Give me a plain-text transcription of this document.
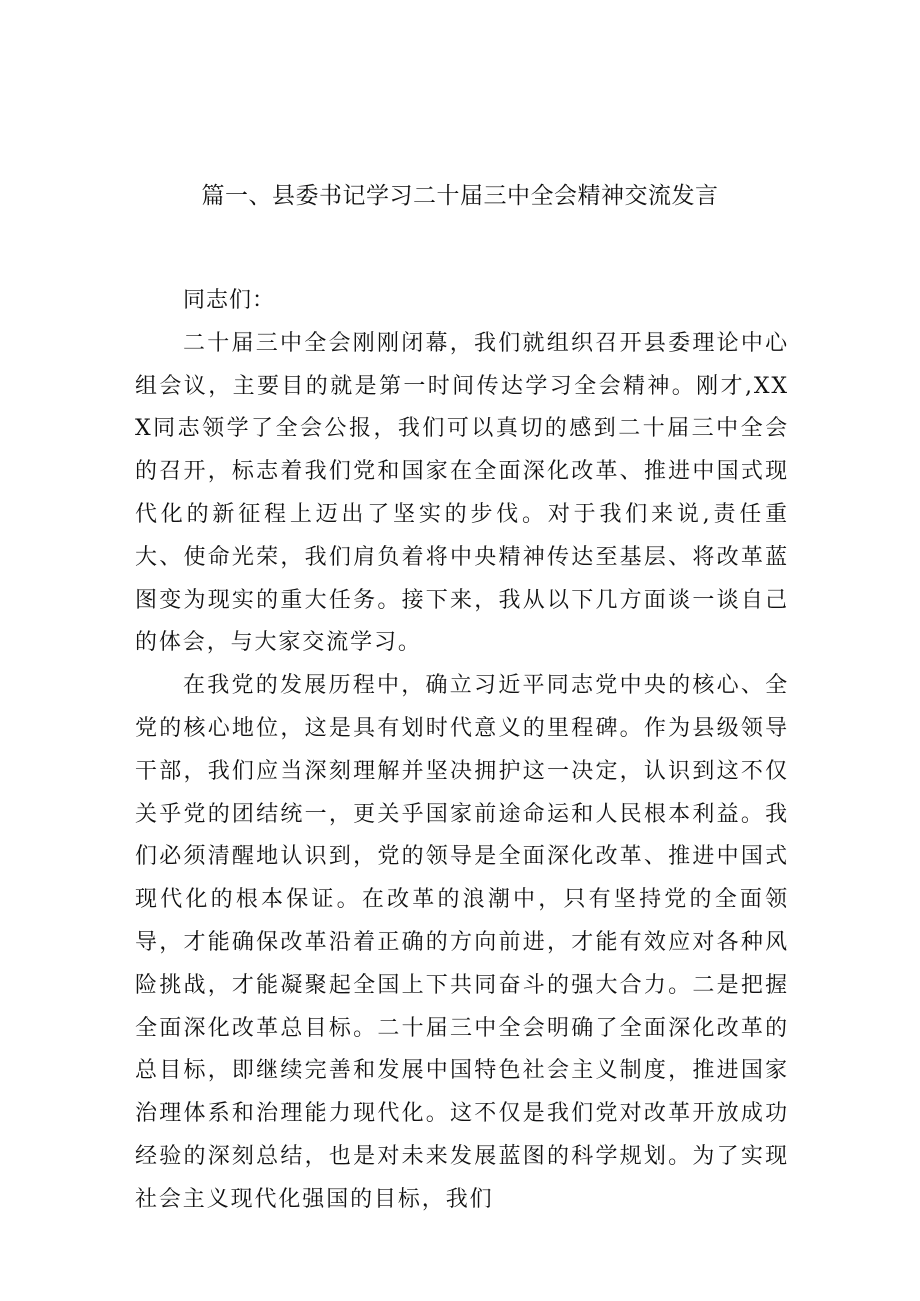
篇一、县委书记学习二十届三中全会精神交流发言

同志们：

二十届三中全会刚刚闭幕，我们就组织召开县委理论中心组会议，主要目的就是第一时间传达学习全会精神。刚才,XXX同志领学了全会公报，我们可以真切的感到二十届三中全会的召开，标志着我们党和国家在全面深化改革、推进中国式现代化的新征程上迈出了坚实的步伐。对于我们来说,责任重大、使命光荣，我们肩负着将中央精神传达至基层、将改革蓝图变为现实的重大任务。接下来，我从以下几方面谈一谈自己的体会，与大家交流学习。

在我党的发展历程中，确立习近平同志党中央的核心、全党的核心地位，这是具有划时代意义的里程碑。作为县级领导干部，我们应当深刻理解并坚决拥护这一决定，认识到这不仅关乎党的团结统一，更关乎国家前途命运和人民根本利益。我们必须清醒地认识到，党的领导是全面深化改革、推进中国式现代化的根本保证。在改革的浪潮中，只有坚持党的全面领导，才能确保改革沿着正确的方向前进，才能有效应对各种风险挑战，才能凝聚起全国上下共同奋斗的强大合力。二是把握全面深化改革总目标。二十届三中全会明确了全面深化改革的总目标，即继续完善和发展中国特色社会主义制度，推进国家治理体系和治理能力现代化。这不仅是我们党对改革开放成功经验的深刻总结，也是对未来发展蓝图的科学规划。为了实现社会主义现代化强国的目标，我们
